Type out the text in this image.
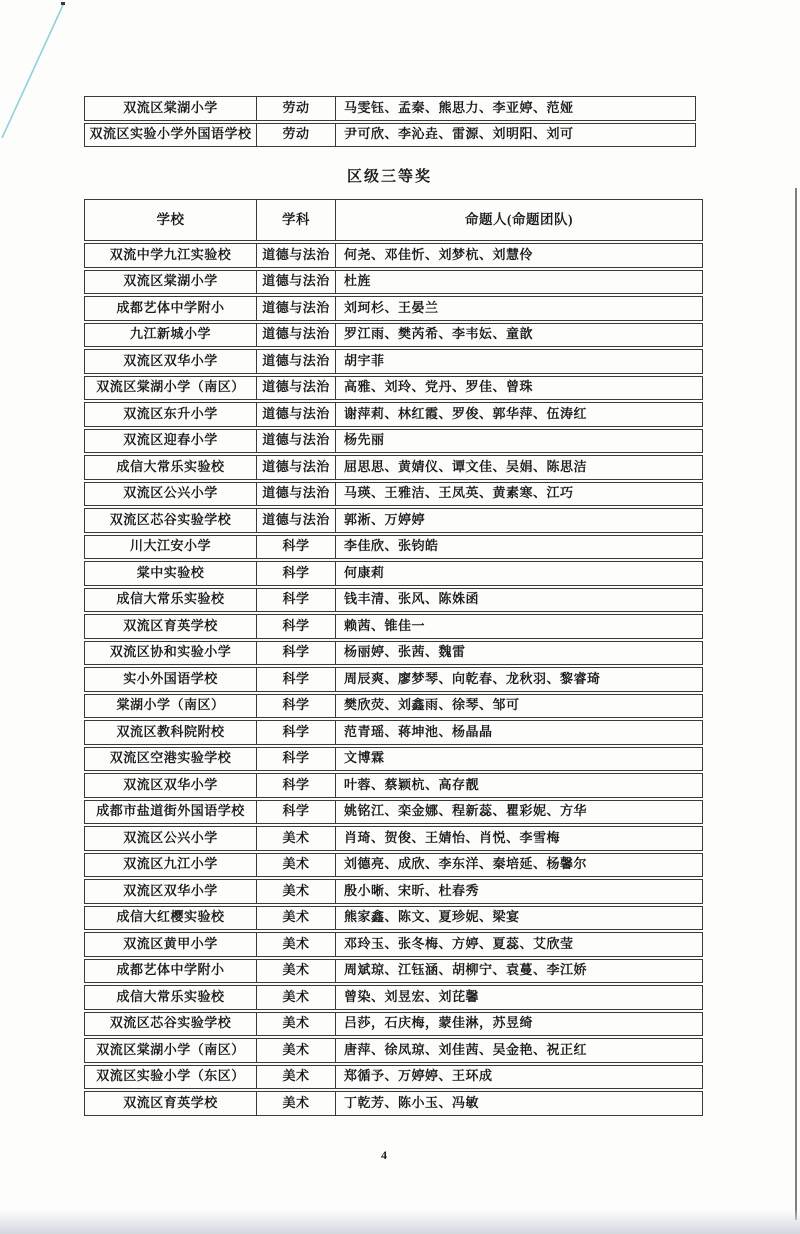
双流区棠湖小学	劳动	马雯钰、孟秦、熊思力、李亚婷、范娅
双流区实验小学外国语学校	劳动	尹可欣、李沁垚、雷源、刘明阳、刘可
区级三等奖
学校	学科	命题人(命题团队)
双流中学九江实验校	道德与法治	何尧、邓佳忻、刘梦杭、刘慧伶
双流区棠湖小学	道德与法治	杜旌
成都艺体中学附小	道德与法治	刘珂杉、王晏兰
九江新城小学	道德与法治	罗江雨、樊芮希、李韦妘、童歆
双流区双华小学	道德与法治	胡宇菲
双流区棠湖小学（南区）	道德与法治	高雅、刘玲、党丹、罗佳、曾珠
双流区东升小学	道德与法治	谢萍莉、林红霞、罗俊、郭华萍、伍涛红
双流区迎春小学	道德与法治	杨先丽
成信大常乐实验校	道德与法治	屈思思、黄婧仪、谭文佳、吴娟、陈思洁
双流区公兴小学	道德与法治	马瑛、王雅洁、王凤英、黄素寒、江巧
双流区芯谷实验学校	道德与法治	郭淅、万婷婷
川大江安小学	科学	李佳欣、张钧皓
棠中实验校	科学	何康莉
成信大常乐实验校	科学	钱丰清、张风、陈姝函
双流区育英学校	科学	赖茜、锥佳一
双流区协和实验小学	科学	杨丽婷、张茜、魏雷
实小外国语学校	科学	周辰爽、廖梦琴、向乾春、龙秋羽、黎睿琦
棠湖小学（南区）	科学	樊欣荧、刘鑫雨、徐琴、邹可
双流区教科院附校	科学	范青瑶、蒋坤池、杨晶晶
双流区空港实验学校	科学	文博霖
双流区双华小学	科学	叶蓉、蔡颖杭、高存靓
成都市盐道街外国语学校	科学	姚铭江、栾金娜、程新蕊、瞿彩妮、方华
双流区公兴小学	美术	肖琦、贺俊、王婧怡、肖悦、李雪梅
双流区九江小学	美术	刘德亮、成欣、李东洋、秦培延、杨馨尔
双流区双华小学	美术	殷小晰、宋昕、杜春秀
成信大红樱实验校	美术	熊家鑫、陈文、夏珍妮、梁宴
双流区黄甲小学	美术	邓玲玉、张冬梅、方婷、夏蕊、艾欣莹
成都艺体中学附小	美术	周斌琼、江钰涵、胡柳宁、袁蔓、李江娇
成信大常乐实验校	美术	曾染、刘昱宏、刘芘馨
双流区芯谷实验学校	美术	吕莎，石庆梅，蒙佳淋，苏昱绮
双流区棠湖小学（南区）	美术	唐萍、徐凤琼、刘佳茜、吴金艳、祝正红
双流区实验小学（东区）	美术	郑循予、万婷婷、王环成
双流区育英学校	美术	丁乾芳、陈小玉、冯敏
4
